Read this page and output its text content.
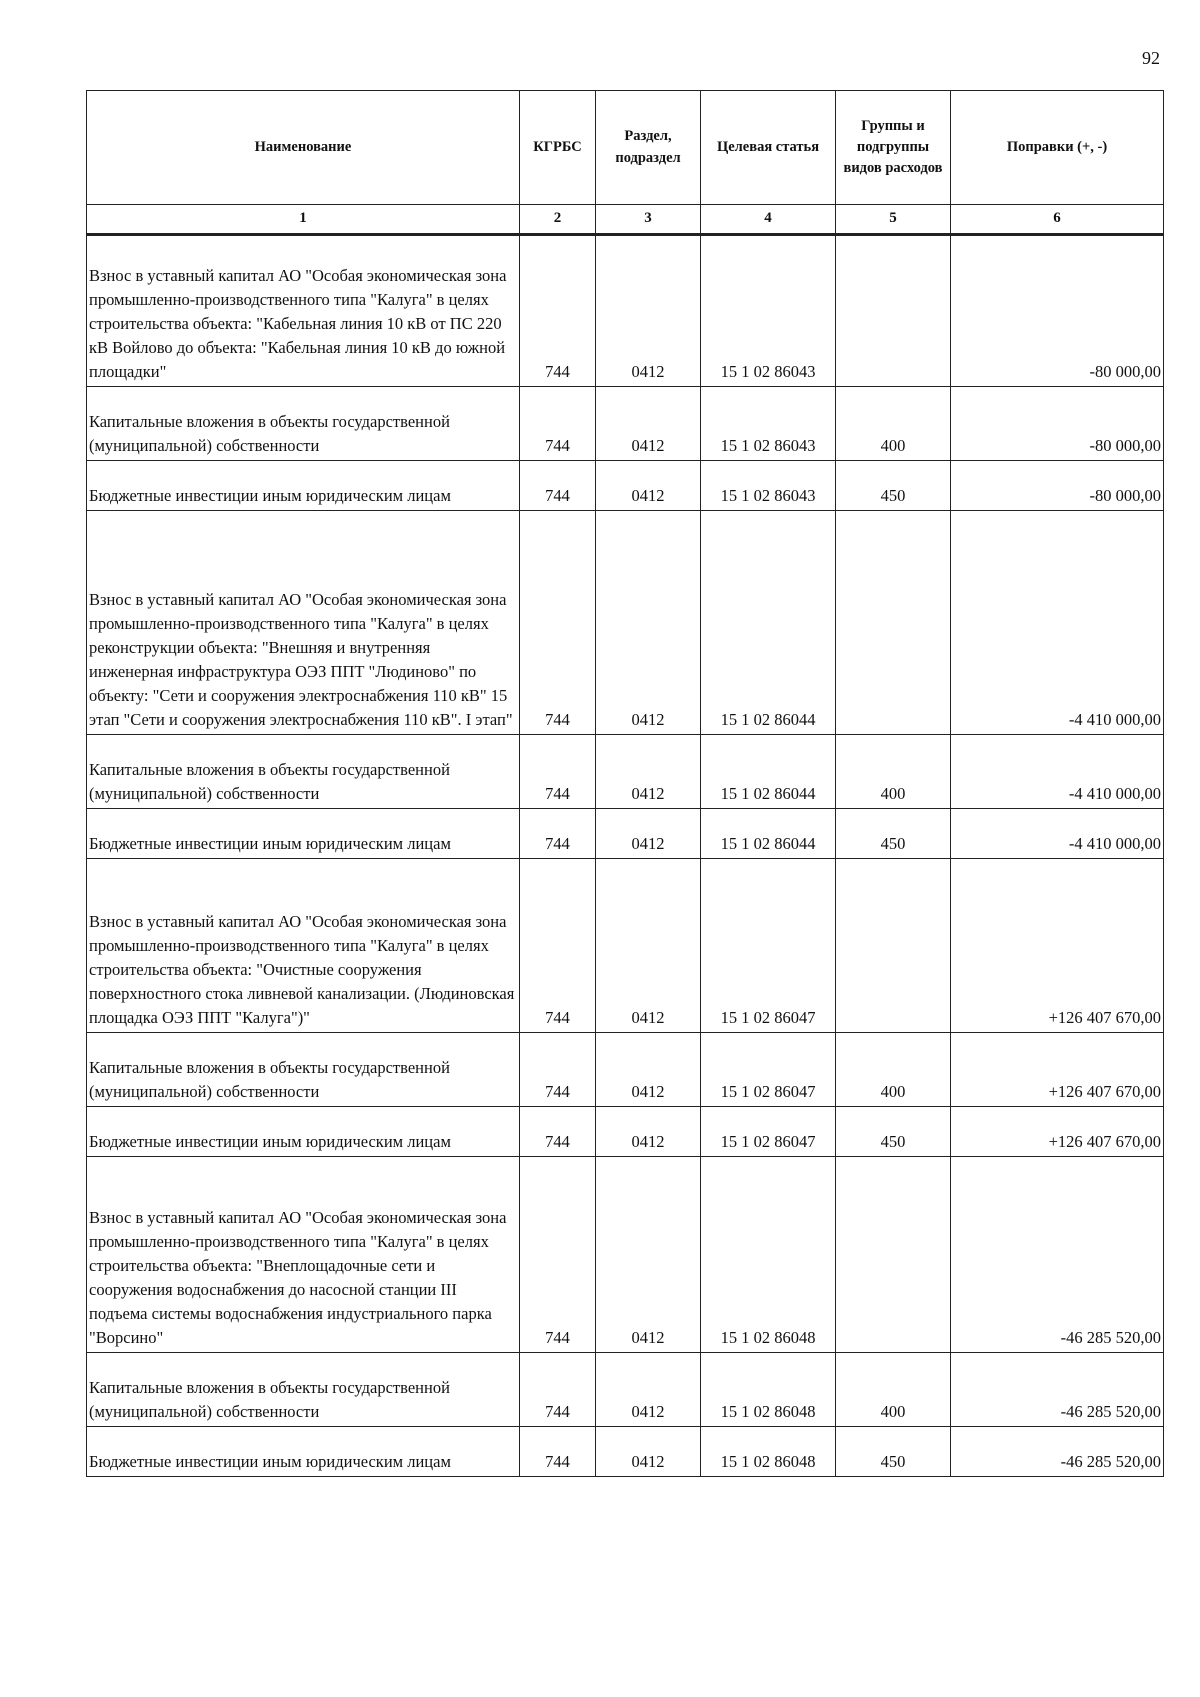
92
Наименование	КГРБС	Раздел, подраздел	Целевая статья	Группы и подгруппы видов расходов	Поправки (+, -)
1	2	3	4	5	6
Взнос в уставный капитал АО "Особая экономическая зона промышленно-производственного типа "Калуга" в целях строительства объекта: "Кабельная линия 10 кВ от ПС 220 кВ Войлово до объекта: "Кабельная линия 10 кВ до южной площадки"	744	0412	15 1 02 86043		-80 000,00
Капитальные вложения в объекты государственной (муниципальной) собственности	744	0412	15 1 02 86043	400	-80 000,00
Бюджетные инвестиции иным юридическим лицам	744	0412	15 1 02 86043	450	-80 000,00
Взнос в уставный капитал АО "Особая экономическая зона промышленно-производственного типа "Калуга" в целях реконструкции объекта: "Внешняя и внутренняя инженерная инфраструктура ОЭЗ ППТ "Людиново" по объекту: "Сети и сооружения электроснабжения 110 кВ" 15 этап "Сети и сооружения электроснабжения 110 кВ". I этап"	744	0412	15 1 02 86044		-4 410 000,00
Капитальные вложения в объекты государственной (муниципальной) собственности	744	0412	15 1 02 86044	400	-4 410 000,00
Бюджетные инвестиции иным юридическим лицам	744	0412	15 1 02 86044	450	-4 410 000,00
Взнос в уставный капитал АО "Особая экономическая зона промышленно-производственного типа "Калуга" в целях строительства объекта: "Очистные сооружения поверхностного стока ливневой канализации. (Людиновская площадка ОЭЗ ППТ "Калуга")"	744	0412	15 1 02 86047		+126 407 670,00
Капитальные вложения в объекты государственной (муниципальной) собственности	744	0412	15 1 02 86047	400	+126 407 670,00
Бюджетные инвестиции иным юридическим лицам	744	0412	15 1 02 86047	450	+126 407 670,00
Взнос в уставный капитал АО "Особая экономическая зона промышленно-производственного типа "Калуга" в целях строительства объекта: "Внеплощадочные сети и сооружения водоснабжения до насосной станции III подъема системы водоснабжения индустриального парка "Ворсино"	744	0412	15 1 02 86048		-46 285 520,00
Капитальные вложения в объекты государственной (муниципальной) собственности	744	0412	15 1 02 86048	400	-46 285 520,00
Бюджетные инвестиции иным юридическим лицам	744	0412	15 1 02 86048	450	-46 285 520,00
